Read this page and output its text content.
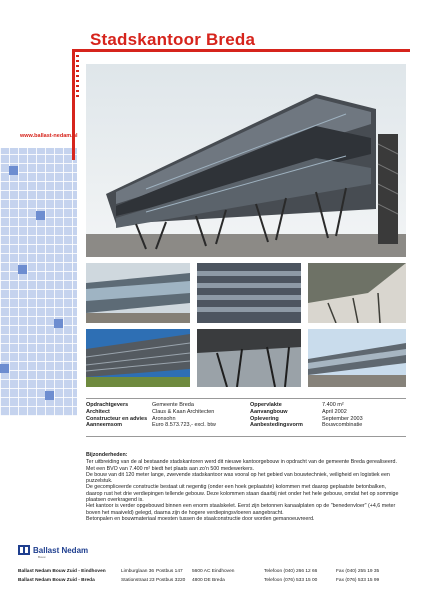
Stadskantoor Breda
www.ballast-nedam.nl
Opdrachtgevers	Gemeente Breda	Oppervlakte	7.400 m²
Architect	Claus & Kaan Architecten	Aanvangbouw	April 2002
Constructeur en advies Aronsohn	Oplevering	September 2003
Aanneemsom	Euro 8.573.723,- excl. btw	Aanbestedingsvorm	Bouwcombinatie
Bijzonderheden:
Ter uitbreiding van de al bestaande stadskantoren werd dit nieuwe kantoorgebouw in opdracht van de gemeente Breda gerealiseerd.
Met een BVO van 7.400 m² biedt het plaats aan zo'n 500 medewerkers.
De bouw van dit 120 meter lange, zwevende stadskantoor was vooral op het gebied van bouwtechniek, veiligheid en logistiek een puzzelstuk.
De gecompliceerde constructie bestaat uit negentig (onder een hoek geplaatste) kolommen met daarop geplaatste betonbalken, daarop rust het drie verdiepingen tellende gebouw. Deze kolommen staan daarbij niet onder het hele gebouw, omdat het op sommige plaatsen overkragend is.
Het kantoor is verder opgebouwd binnen een enorm staalskelet. Eerst zijn betonnen kanaalplaten op de "benedenvloer" (+4,6 meter boven het maaiveld) gelegd, daarna zijn de hogere verdiepingsvloeren aangebracht.
Betonpalen en bouwmateriaal moesten tussen de staalconstructie door worden gemanoeuvreerd.
Ballast Nedam
Bouw
Ballast Nedam Bouw Zuid - Eindhoven	Limburglaan 36 Postbus 147	5600 AC Eindhoven	Telefoon (040) 266 12 66	Fax (040) 255 19 35
Ballast Nedam Bouw Zuid - Breda	Stationstraat 23 Postbus 3220	4800 DE Breda	Telefoon (076) 533 15 00	Fax (076) 533 15 99
